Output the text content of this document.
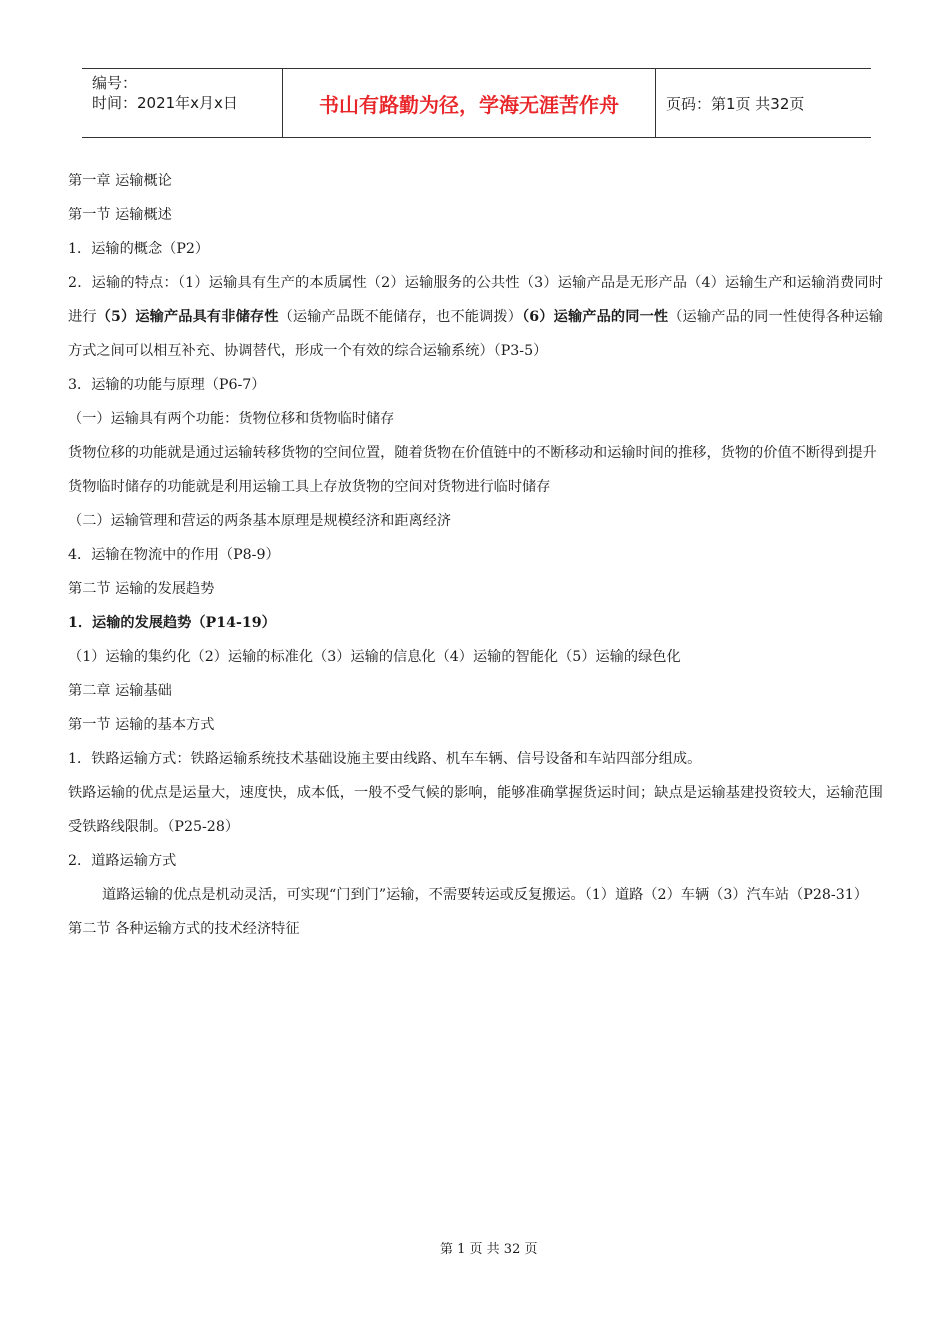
编号：
时间：2021年x月x日	书山有路勤为径，学海无涯苦作舟	页码：第1页 共32页
第一章 运输概论
第一节 运输概述
1．运输的概念（P2）
2．运输的特点：（1）运输具有生产的本质属性（2）运输服务的公共性（3）运输产品是无形产品（4）运输生产和运输消费同时进行（5）运输产品具有非储存性（运输产品既不能储存，也不能调拨）（6）运输产品的同一性（运输产品的同一性使得各种运输方式之间可以相互补充、协调替代，形成一个有效的综合运输系统）（P3-5）
3．运输的功能与原理（P6-7）
（一）运输具有两个功能：货物位移和货物临时储存
货物位移的功能就是通过运输转移货物的空间位置，随着货物在价值链中的不断移动和运输时间的推移，货物的价值不断得到提升
货物临时储存的功能就是利用运输工具上存放货物的空间对货物进行临时储存
（二）运输管理和营运的两条基本原理是规模经济和距离经济
4．运输在物流中的作用（P8-9）
第二节 运输的发展趋势
1．运输的发展趋势（P14-19）
（1）运输的集约化（2）运输的标准化（3）运输的信息化（4）运输的智能化（5）运输的绿色化
第二章 运输基础
第一节 运输的基本方式
1．铁路运输方式：铁路运输系统技术基础设施主要由线路、机车车辆、信号设备和车站四部分组成。
铁路运输的优点是运量大，速度快，成本低，一般不受气候的影响，能够准确掌握货运时间；缺点是运输基建投资较大，运输范围受铁路线限制。（P25-28）
2．道路运输方式
道路运输的优点是机动灵活，可实现“门到门”运输，不需要转运或反复搬运。（1）道路（2）车辆（3）汽车站（P28-31）
第二节 各种运输方式的技术经济特征
第 1 页 共 32 页
